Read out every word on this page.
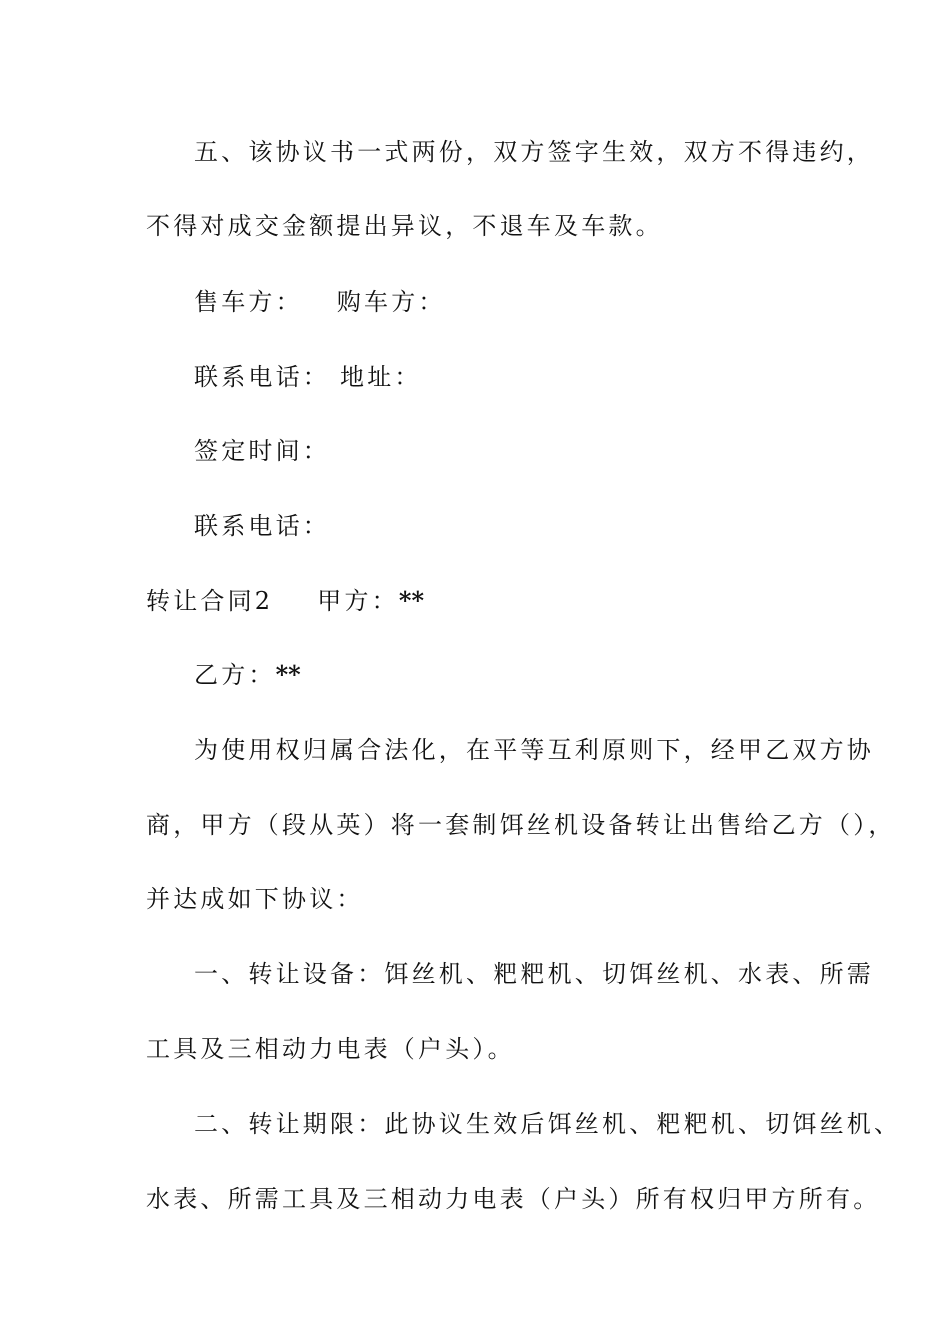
五、该协议书一式两份，双方签字生效，双方不得违约，
不得对成交金额提出异议，不退车及车款。
售车方： 购车方：
联系电话： 地址：
签定时间：
联系电话：
转让合同2 甲方：**
乙方：**
为使用权归属合法化，在平等互利原则下，经甲乙双方协
商，甲方（段从英）将一套制饵丝机设备转让出售给乙方（），
并达成如下协议：
一、转让设备：饵丝机、粑粑机、切饵丝机、水表、所需
工具及三相动力电表（户头）。
二、转让期限：此协议生效后饵丝机、粑粑机、切饵丝机、
水表、所需工具及三相动力电表（户头）所有权归甲方所有。
